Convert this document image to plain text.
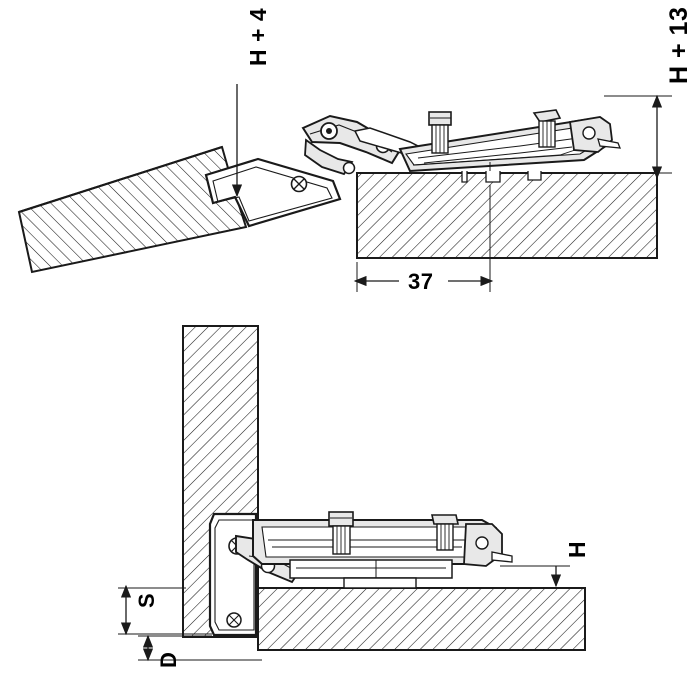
H + 13
H + 4
37
H
S
D
